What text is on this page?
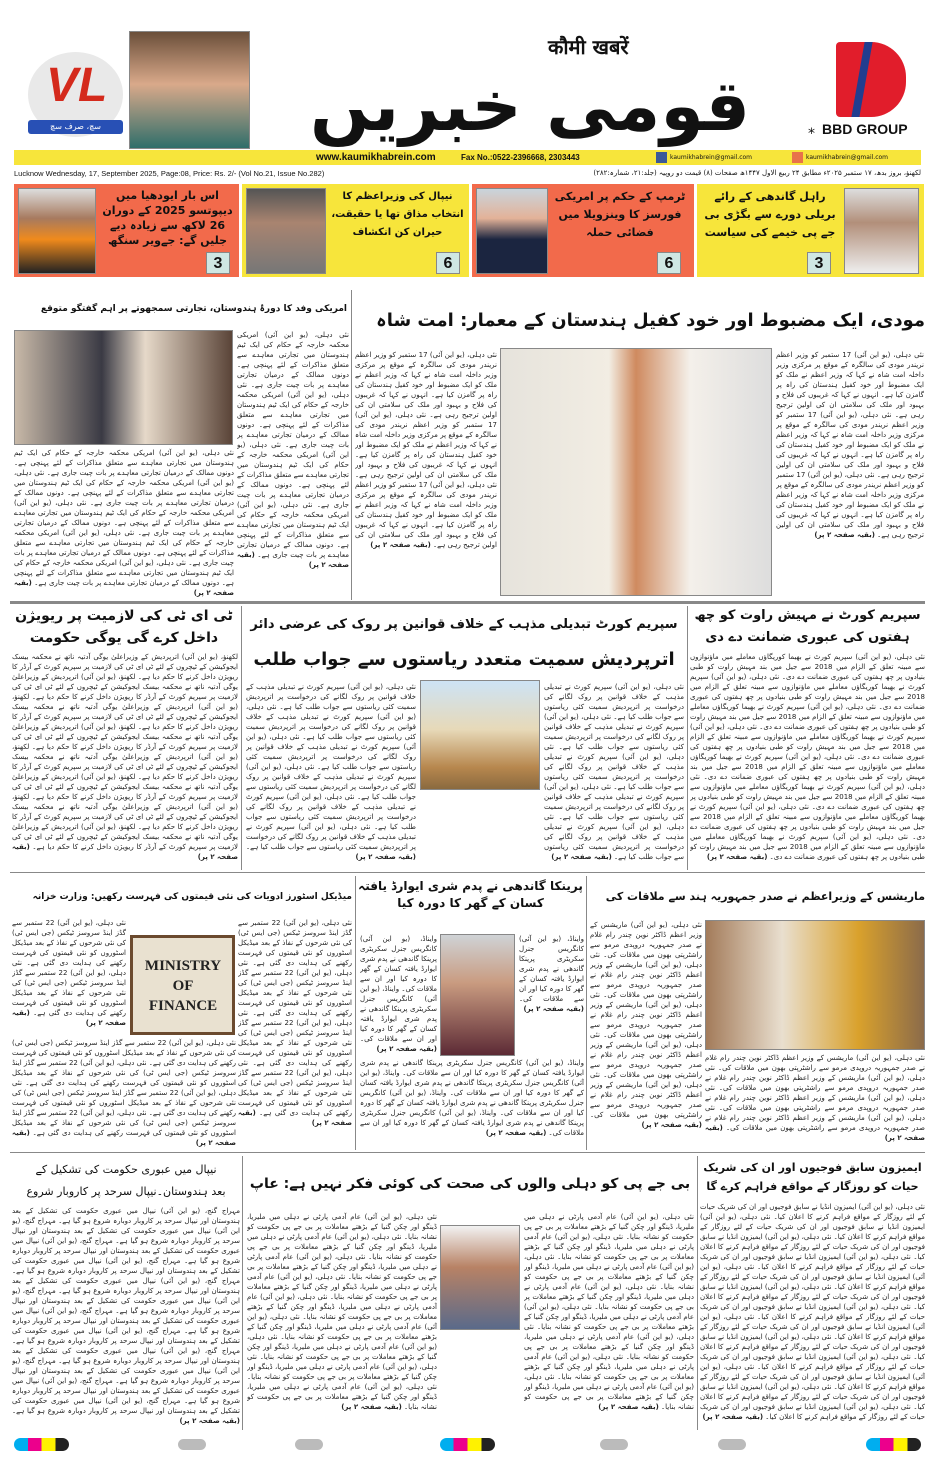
VL
سچ، صرف سچ
कौमी खबरें
قومی خبریں	* BBD GROUP
www.kaumikhabrein.com	Fax No.:0522-2396668, 2303443	kaumikhabrein@gmail.com	kaumikhabrein@gmail.com
Lucknow Wednesday, 17, September 2025, Page:08, Price: Rs. 2/- (Vol No.21, Issue No.282)	لکھنؤ، بروز بدھ، ۱۷ ستمبر ۲۰۲۵ء مطابق ۲۴ ربیع الاول ۱۴۴۷ھ صفحات (۸) قیمت دو روپیہ (جلد:۲۱، شمارہ:۲۸۲)
راہل گاندھی کے رائے بریلی دورے سے بگڑی بی جے پی خیمے کی سیاست
3
ٹرمپ کے حکم پر امریکی فورسز کا وینزویلا میں فضائی حملہ
6
نیپال کی وزیراعظم کا انتخاب مذاق تھا یا حقیقت، حیران کن انکشاف
6
اس بار ایودھیا میں دیپوتسو 2025 کے دوران 26 لاکھ سے زیادہ دیے جلیں گے: جےویر سنگھ
3
مودی، ایک مضبوط اور خود کفیل ہندستان کے معمار: امت شاہ
نئی دہلی، (یو این آئی) 17 ستمبر کو وزیر اعظم نریندر مودی کی سالگرہ کے موقع پر مرکزی وزیر داخلہ امت شاہ نے کہا کہ وزیر اعظم نے ملک کو ایک مضبوط اور خود کفیل ہندستان کی راہ پر گامزن کیا ہے۔ انہوں نے کہا کہ غریبوں کی فلاح و بہبود اور ملک کی سلامتی ان کی اولین ترجیح رہی ہے۔ نئی دہلی، (یو این آئی) 17 ستمبر کو وزیر اعظم نریندر مودی کی سالگرہ کے موقع پر مرکزی وزیر داخلہ امت شاہ نے کہا کہ وزیر اعظم نے ملک کو ایک مضبوط اور خود کفیل ہندستان کی راہ پر گامزن کیا ہے۔ انہوں نے کہا کہ غریبوں کی فلاح و بہبود اور ملک کی سلامتی ان کی اولین ترجیح رہی ہے۔ نئی دہلی، (یو این آئی) 17 ستمبر کو وزیر اعظم نریندر مودی کی سالگرہ کے موقع پر مرکزی وزیر داخلہ امت شاہ نے کہا کہ وزیر اعظم نے ملک کو ایک مضبوط اور خود کفیل ہندستان کی راہ پر گامزن کیا ہے۔ انہوں نے کہا کہ غریبوں کی فلاح و بہبود اور ملک کی سلامتی ان کی اولین ترجیح رہی ہے۔ (بقیہ صفحہ ۲ پر)
نئی دہلی، (یو این آئی) 17 ستمبر کو وزیر اعظم نریندر مودی کی سالگرہ کے موقع پر مرکزی وزیر داخلہ امت شاہ نے کہا کہ وزیر اعظم نے ملک کو ایک مضبوط اور خود کفیل ہندستان کی راہ پر گامزن کیا ہے۔ انہوں نے کہا کہ غریبوں کی فلاح و بہبود اور ملک کی سلامتی ان کی اولین ترجیح رہی ہے۔ نئی دہلی، (یو این آئی) 17 ستمبر کو وزیر اعظم نریندر مودی کی سالگرہ کے موقع پر مرکزی وزیر داخلہ امت شاہ نے کہا کہ وزیر اعظم نے ملک کو ایک مضبوط اور خود کفیل ہندستان کی راہ پر گامزن کیا ہے۔ انہوں نے کہا کہ غریبوں کی فلاح و بہبود اور ملک کی سلامتی ان کی اولین ترجیح رہی ہے۔ نئی دہلی، (یو این آئی) 17 ستمبر کو وزیر اعظم نریندر مودی کی سالگرہ کے موقع پر مرکزی وزیر داخلہ امت شاہ نے کہا کہ وزیر اعظم نے ملک کو ایک مضبوط اور خود کفیل ہندستان کی راہ پر گامزن کیا ہے۔ انہوں نے کہا کہ غریبوں کی فلاح و بہبود اور ملک کی سلامتی ان کی اولین ترجیح رہی ہے۔ (بقیہ صفحہ ۲ پر)
امریکی وفد کا دورۂ ہندوستان، تجارتی سمجھوتے پر اہم گفتگو متوقع
نئی دہلی، (یو این آئی) امریکی محکمہ خارجہ کے حکام کی ایک ٹیم ہندوستان میں تجارتی معاہدے سے متعلق مذاکرات کے لئے پہنچی ہے۔ دونوں ممالک کے درمیان تجارتی معاہدے پر بات چیت جاری ہے۔ نئی دہلی، (یو این آئی) امریکی محکمہ خارجہ کے حکام کی ایک ٹیم ہندوستان میں تجارتی معاہدے سے متعلق مذاکرات کے لئے پہنچی ہے۔ دونوں ممالک کے درمیان تجارتی معاہدے پر بات چیت جاری ہے۔ نئی دہلی، (یو این آئی) امریکی محکمہ خارجہ کے حکام کی ایک ٹیم ہندوستان میں تجارتی معاہدے سے متعلق مذاکرات کے لئے پہنچی ہے۔ دونوں ممالک کے درمیان تجارتی معاہدے پر بات چیت جاری ہے۔ نئی دہلی، (یو این آئی) امریکی محکمہ خارجہ کے حکام کی ایک ٹیم ہندوستان میں تجارتی معاہدے سے متعلق مذاکرات کے لئے پہنچی ہے۔ دونوں ممالک کے درمیان تجارتی معاہدے پر بات چیت جاری ہے۔ (بقیہ صفحہ ۲ پر)
نئی دہلی، (یو این آئی) امریکی محکمہ خارجہ کے حکام کی ایک ٹیم ہندوستان میں تجارتی معاہدے سے متعلق مذاکرات کے لئے پہنچی ہے۔ دونوں ممالک کے درمیان تجارتی معاہدے پر بات چیت جاری ہے۔ نئی دہلی، (یو این آئی) امریکی محکمہ خارجہ کے حکام کی ایک ٹیم ہندوستان میں تجارتی معاہدے سے متعلق مذاکرات کے لئے پہنچی ہے۔ دونوں ممالک کے درمیان تجارتی معاہدے پر بات چیت جاری ہے۔ نئی دہلی، (یو این آئی) امریکی محکمہ خارجہ کے حکام کی ایک ٹیم ہندوستان میں تجارتی معاہدے سے متعلق مذاکرات کے لئے پہنچی ہے۔ دونوں ممالک کے درمیان تجارتی معاہدے پر بات چیت جاری ہے۔ نئی دہلی، (یو این آئی) امریکی محکمہ خارجہ کے حکام کی ایک ٹیم ہندوستان میں تجارتی معاہدے سے متعلق مذاکرات کے لئے پہنچی ہے۔ دونوں ممالک کے درمیان تجارتی معاہدے پر بات چیت جاری ہے۔ نئی دہلی، (یو این آئی) امریکی محکمہ خارجہ کے حکام کی ایک ٹیم ہندوستان میں تجارتی معاہدے سے متعلق مذاکرات کے لئے پہنچی ہے۔ دونوں ممالک کے درمیان تجارتی معاہدے پر بات چیت جاری ہے۔ (بقیہ صفحہ ۲ پر)
سپریم کورٹ نے مہیش راوت کو چھ ہفتوں کی عبوری ضمانت دے دی
نئی دہلی، (یو این آئی) سپریم کورٹ نے بھیما کوریگاؤں معاملے میں ماؤنوازوں سے مبینہ تعلق کے الزام میں 2018 سے جیل میں بند مہیش راوت کو طبی بنیادوں پر چھ ہفتوں کی عبوری ضمانت دے دی۔ نئی دہلی، (یو این آئی) سپریم کورٹ نے بھیما کوریگاؤں معاملے میں ماؤنوازوں سے مبینہ تعلق کے الزام میں 2018 سے جیل میں بند مہیش راوت کو طبی بنیادوں پر چھ ہفتوں کی عبوری ضمانت دے دی۔ نئی دہلی، (یو این آئی) سپریم کورٹ نے بھیما کوریگاؤں معاملے میں ماؤنوازوں سے مبینہ تعلق کے الزام میں 2018 سے جیل میں بند مہیش راوت کو طبی بنیادوں پر چھ ہفتوں کی عبوری ضمانت دے دی۔ نئی دہلی، (یو این آئی) سپریم کورٹ نے بھیما کوریگاؤں معاملے میں ماؤنوازوں سے مبینہ تعلق کے الزام میں 2018 سے جیل میں بند مہیش راوت کو طبی بنیادوں پر چھ ہفتوں کی عبوری ضمانت دے دی۔ نئی دہلی، (یو این آئی) سپریم کورٹ نے بھیما کوریگاؤں معاملے میں ماؤنوازوں سے مبینہ تعلق کے الزام میں 2018 سے جیل میں بند مہیش راوت کو طبی بنیادوں پر چھ ہفتوں کی عبوری ضمانت دے دی۔ نئی دہلی، (یو این آئی) سپریم کورٹ نے بھیما کوریگاؤں معاملے میں ماؤنوازوں سے مبینہ تعلق کے الزام میں 2018 سے جیل میں بند مہیش راوت کو طبی بنیادوں پر چھ ہفتوں کی عبوری ضمانت دے دی۔ نئی دہلی، (یو این آئی) سپریم کورٹ نے بھیما کوریگاؤں معاملے میں ماؤنوازوں سے مبینہ تعلق کے الزام میں 2018 سے جیل میں بند مہیش راوت کو طبی بنیادوں پر چھ ہفتوں کی عبوری ضمانت دے دی۔ نئی دہلی، (یو این آئی) سپریم کورٹ نے بھیما کوریگاؤں معاملے میں ماؤنوازوں سے مبینہ تعلق کے الزام میں 2018 سے جیل میں بند مہیش راوت کو طبی بنیادوں پر چھ ہفتوں کی عبوری ضمانت دے دی۔ (بقیہ صفحہ ۲ پر)
سپریم کورٹ تبدیلی مذہب کے خلاف قوانین پر روک کی عرضی دائر
اترپردیش سمیت متعدد ریاستوں سے جواب طلب
نئی دہلی، (یو این آئی) سپریم کورٹ نے تبدیلی مذہب کے خلاف قوانین پر روک لگانے کی درخواست پر اترپردیش سمیت کئی ریاستوں سے جواب طلب کیا ہے۔ نئی دہلی، (یو این آئی) سپریم کورٹ نے تبدیلی مذہب کے خلاف قوانین پر روک لگانے کی درخواست پر اترپردیش سمیت کئی ریاستوں سے جواب طلب کیا ہے۔ نئی دہلی، (یو این آئی) سپریم کورٹ نے تبدیلی مذہب کے خلاف قوانین پر روک لگانے کی درخواست پر اترپردیش سمیت کئی ریاستوں سے جواب طلب کیا ہے۔ نئی دہلی، (یو این آئی) سپریم کورٹ نے تبدیلی مذہب کے خلاف قوانین پر روک لگانے کی درخواست پر اترپردیش سمیت کئی ریاستوں سے جواب طلب کیا ہے۔ نئی دہلی، (یو این آئی) سپریم کورٹ نے تبدیلی مذہب کے خلاف قوانین پر روک لگانے کی درخواست پر اترپردیش سمیت کئی ریاستوں سے جواب طلب کیا ہے۔ (بقیہ صفحہ ۲ پر)
نئی دہلی، (یو این آئی) سپریم کورٹ نے تبدیلی مذہب کے خلاف قوانین پر روک لگانے کی درخواست پر اترپردیش سمیت کئی ریاستوں سے جواب طلب کیا ہے۔ نئی دہلی، (یو این آئی) سپریم کورٹ نے تبدیلی مذہب کے خلاف قوانین پر روک لگانے کی درخواست پر اترپردیش سمیت کئی ریاستوں سے جواب طلب کیا ہے۔ نئی دہلی، (یو این آئی) سپریم کورٹ نے تبدیلی مذہب کے خلاف قوانین پر روک لگانے کی درخواست پر اترپردیش سمیت کئی ریاستوں سے جواب طلب کیا ہے۔ نئی دہلی، (یو این آئی) سپریم کورٹ نے تبدیلی مذہب کے خلاف قوانین پر روک لگانے کی درخواست پر اترپردیش سمیت کئی ریاستوں سے جواب طلب کیا ہے۔ نئی دہلی، (یو این آئی) سپریم کورٹ نے تبدیلی مذہب کے خلاف قوانین پر روک لگانے کی درخواست پر اترپردیش سمیت کئی ریاستوں سے جواب طلب کیا ہے۔ نئی دہلی، (یو این آئی) سپریم کورٹ نے تبدیلی مذہب کے خلاف قوانین پر روک لگانے کی درخواست پر اترپردیش سمیت کئی ریاستوں سے جواب طلب کیا ہے۔ (بقیہ صفحہ ۲ پر)
ٹی ای ٹی کی لازمیت پر ریویژن داخل کرے گی یوگی حکومت
لکھنؤ، (یو این آئی) اترپردیش کے وزیراعلیٰ یوگی آدتیہ ناتھ نے محکمہ بیسک ایجوکیشن کے ٹیچروں کے لئے ٹی ای ٹی کی لازمیت پر سپریم کورٹ کے آرڈر کا ریویژن داخل کرنے کا حکم دیا ہے۔ لکھنؤ، (یو این آئی) اترپردیش کے وزیراعلیٰ یوگی آدتیہ ناتھ نے محکمہ بیسک ایجوکیشن کے ٹیچروں کے لئے ٹی ای ٹی کی لازمیت پر سپریم کورٹ کے آرڈر کا ریویژن داخل کرنے کا حکم دیا ہے۔ لکھنؤ، (یو این آئی) اترپردیش کے وزیراعلیٰ یوگی آدتیہ ناتھ نے محکمہ بیسک ایجوکیشن کے ٹیچروں کے لئے ٹی ای ٹی کی لازمیت پر سپریم کورٹ کے آرڈر کا ریویژن داخل کرنے کا حکم دیا ہے۔ لکھنؤ، (یو این آئی) اترپردیش کے وزیراعلیٰ یوگی آدتیہ ناتھ نے محکمہ بیسک ایجوکیشن کے ٹیچروں کے لئے ٹی ای ٹی کی لازمیت پر سپریم کورٹ کے آرڈر کا ریویژن داخل کرنے کا حکم دیا ہے۔ لکھنؤ، (یو این آئی) اترپردیش کے وزیراعلیٰ یوگی آدتیہ ناتھ نے محکمہ بیسک ایجوکیشن کے ٹیچروں کے لئے ٹی ای ٹی کی لازمیت پر سپریم کورٹ کے آرڈر کا ریویژن داخل کرنے کا حکم دیا ہے۔ لکھنؤ، (یو این آئی) اترپردیش کے وزیراعلیٰ یوگی آدتیہ ناتھ نے محکمہ بیسک ایجوکیشن کے ٹیچروں کے لئے ٹی ای ٹی کی لازمیت پر سپریم کورٹ کے آرڈر کا ریویژن داخل کرنے کا حکم دیا ہے۔ لکھنؤ، (یو این آئی) اترپردیش کے وزیراعلیٰ یوگی آدتیہ ناتھ نے محکمہ بیسک ایجوکیشن کے ٹیچروں کے لئے ٹی ای ٹی کی لازمیت پر سپریم کورٹ کے آرڈر کا ریویژن داخل کرنے کا حکم دیا ہے۔ لکھنؤ، (یو این آئی) اترپردیش کے وزیراعلیٰ یوگی آدتیہ ناتھ نے محکمہ بیسک ایجوکیشن کے ٹیچروں کے لئے ٹی ای ٹی کی لازمیت پر سپریم کورٹ کے آرڈر کا ریویژن داخل کرنے کا حکم دیا ہے۔ (بقیہ صفحہ ۲ پر)
ماریشس کے وزیراعظم نے صدر جمہوریہ ہند سے ملاقات کی
نئی دہلی، (یو این آئی) ماریشس کے وزیر اعظم ڈاکٹر نوین چندر رام غلام نے صدر جمہوریہ دروپدی مرمو سے راشٹرپتی بھون میں ملاقات کی۔ نئی دہلی، (یو این آئی) ماریشس کے وزیر اعظم ڈاکٹر نوین چندر رام غلام نے صدر جمہوریہ دروپدی مرمو سے راشٹرپتی بھون میں ملاقات کی۔ نئی دہلی، (یو این آئی) ماریشس کے وزیر اعظم ڈاکٹر نوین چندر رام غلام نے صدر جمہوریہ دروپدی مرمو سے راشٹرپتی بھون میں ملاقات کی۔ نئی دہلی، (یو این آئی) ماریشس کے وزیر اعظم ڈاکٹر نوین چندر رام غلام نے صدر جمہوریہ دروپدی مرمو سے راشٹرپتی بھون میں ملاقات کی۔ نئی دہلی، (یو این آئی) ماریشس کے وزیر اعظم ڈاکٹر نوین چندر رام غلام نے صدر جمہوریہ دروپدی مرمو سے راشٹرپتی بھون میں ملاقات کی۔ (بقیہ صفحہ ۲ پر)
نئی دہلی، (یو این آئی) ماریشس کے وزیر اعظم ڈاکٹر نوین چندر رام غلام نے صدر جمہوریہ دروپدی مرمو سے راشٹرپتی بھون میں ملاقات کی۔ نئی دہلی، (یو این آئی) ماریشس کے وزیر اعظم ڈاکٹر نوین چندر رام غلام نے صدر جمہوریہ دروپدی مرمو سے راشٹرپتی بھون میں ملاقات کی۔ نئی دہلی، (یو این آئی) ماریشس کے وزیر اعظم ڈاکٹر نوین چندر رام غلام نے صدر جمہوریہ دروپدی مرمو سے راشٹرپتی بھون میں ملاقات کی۔ نئی دہلی، (یو این آئی) ماریشس کے وزیر اعظم ڈاکٹر نوین چندر رام غلام نے صدر جمہوریہ دروپدی مرمو سے راشٹرپتی بھون میں ملاقات کی۔ (بقیہ صفحہ ۲ پر)
پرینکا گاندھی نے پدم شری ایوارڈ یافتہ کسان کے گھر کا دورہ کیا
وایناڈ، (یو این آئی) کانگریس جنرل سکریٹری پرینکا گاندھی نے پدم شری ایوارڈ یافتہ کسان کے گھر کا دورہ کیا اور ان سے ملاقات کی۔ (بقیہ صفحہ ۲ پر)
وایناڈ، (یو این آئی) کانگریس جنرل سکریٹری پرینکا گاندھی نے پدم شری ایوارڈ یافتہ کسان کے گھر کا دورہ کیا اور ان سے ملاقات کی۔ وایناڈ، (یو این آئی) کانگریس جنرل سکریٹری پرینکا گاندھی نے پدم شری ایوارڈ یافتہ کسان کے گھر کا دورہ کیا اور ان سے ملاقات کی۔ (بقیہ صفحہ ۲ پر)
وایناڈ، (یو این آئی) کانگریس جنرل سکریٹری پرینکا گاندھی نے پدم شری ایوارڈ یافتہ کسان کے گھر کا دورہ کیا اور ان سے ملاقات کی۔ وایناڈ، (یو این آئی) کانگریس جنرل سکریٹری پرینکا گاندھی نے پدم شری ایوارڈ یافتہ کسان کے گھر کا دورہ کیا اور ان سے ملاقات کی۔ وایناڈ، (یو این آئی) کانگریس جنرل سکریٹری پرینکا گاندھی نے پدم شری ایوارڈ یافتہ کسان کے گھر کا دورہ کیا اور ان سے ملاقات کی۔ وایناڈ، (یو این آئی) کانگریس جنرل سکریٹری پرینکا گاندھی نے پدم شری ایوارڈ یافتہ کسان کے گھر کا دورہ کیا اور ان سے ملاقات کی۔ (بقیہ صفحہ ۲ پر)
میڈیکل اسٹورز ادویات کی نئی قیمتوں کی فہرست رکھیں: وزارت خزانہ
MINISTRY OF FINANCE
نئی دہلی، (یو این آئی) 22 ستمبر سے گڈز اینڈ سروسز ٹیکس (جی ایس ٹی) کی نئی شرحوں کے نفاذ کے بعد میڈیکل اسٹوروں کو نئی قیمتوں کی فہرست رکھنے کی ہدایت دی گئی ہے۔ نئی دہلی، (یو این آئی) 22 ستمبر سے گڈز اینڈ سروسز ٹیکس (جی ایس ٹی) کی نئی شرحوں کے نفاذ کے بعد میڈیکل اسٹوروں کو نئی قیمتوں کی فہرست رکھنے کی ہدایت دی گئی ہے۔ نئی دہلی، (یو این آئی) 22 ستمبر سے گڈز اینڈ سروسز ٹیکس (جی ایس ٹی) کی نئی شرحوں کے نفاذ کے بعد میڈیکل اسٹوروں کو نئی قیمتوں کی فہرست رکھنے کی ہدایت دی گئی ہے۔ نئی دہلی، (یو این آئی) 22 ستمبر سے گڈز اینڈ سروسز ٹیکس (جی ایس ٹی) کی نئی شرحوں کے نفاذ کے بعد میڈیکل اسٹوروں کو نئی قیمتوں کی فہرست رکھنے کی ہدایت دی گئی ہے۔ (بقیہ صفحہ ۲ پر)
نئی دہلی، (یو این آئی) 22 ستمبر سے گڈز اینڈ سروسز ٹیکس (جی ایس ٹی) کی نئی شرحوں کے نفاذ کے بعد میڈیکل اسٹوروں کو نئی قیمتوں کی فہرست رکھنے کی ہدایت دی گئی ہے۔ نئی دہلی، (یو این آئی) 22 ستمبر سے گڈز اینڈ سروسز ٹیکس (جی ایس ٹی) کی نئی شرحوں کے نفاذ کے بعد میڈیکل اسٹوروں کو نئی قیمتوں کی فہرست رکھنے کی ہدایت دی گئی ہے۔ (بقیہ صفحہ ۲ پر)
نئی دہلی، (یو این آئی) 22 ستمبر سے گڈز اینڈ سروسز ٹیکس (جی ایس ٹی) کی نئی شرحوں کے نفاذ کے بعد میڈیکل اسٹوروں کو نئی قیمتوں کی فہرست رکھنے کی ہدایت دی گئی ہے۔ نئی دہلی، (یو این آئی) 22 ستمبر سے گڈز اینڈ سروسز ٹیکس (جی ایس ٹی) کی نئی شرحوں کے نفاذ کے بعد میڈیکل اسٹوروں کو نئی قیمتوں کی فہرست رکھنے کی ہدایت دی گئی ہے۔ نئی دہلی، (یو این آئی) 22 ستمبر سے گڈز اینڈ سروسز ٹیکس (جی ایس ٹی) کی نئی شرحوں کے نفاذ کے بعد میڈیکل اسٹوروں کو نئی قیمتوں کی فہرست رکھنے کی ہدایت دی گئی ہے۔ نئی دہلی، (یو این آئی) 22 ستمبر سے گڈز اینڈ سروسز ٹیکس (جی ایس ٹی) کی نئی شرحوں کے نفاذ کے بعد میڈیکل اسٹوروں کو نئی قیمتوں کی فہرست رکھنے کی ہدایت دی گئی ہے۔ (بقیہ صفحہ ۲ پر)
ایمیزون سابق فوجیوں اور ان کی شریک حیات کو روزگار کے مواقع فراہم کرے گا
نئی دہلی، (یو این آئی) ایمیزون انڈیا نے سابق فوجیوں اور ان کی شریک حیات کے لئے روزگار کے مواقع فراہم کرنے کا اعلان کیا۔ نئی دہلی، (یو این آئی) ایمیزون انڈیا نے سابق فوجیوں اور ان کی شریک حیات کے لئے روزگار کے مواقع فراہم کرنے کا اعلان کیا۔ نئی دہلی، (یو این آئی) ایمیزون انڈیا نے سابق فوجیوں اور ان کی شریک حیات کے لئے روزگار کے مواقع فراہم کرنے کا اعلان کیا۔ نئی دہلی، (یو این آئی) ایمیزون انڈیا نے سابق فوجیوں اور ان کی شریک حیات کے لئے روزگار کے مواقع فراہم کرنے کا اعلان کیا۔ نئی دہلی، (یو این آئی) ایمیزون انڈیا نے سابق فوجیوں اور ان کی شریک حیات کے لئے روزگار کے مواقع فراہم کرنے کا اعلان کیا۔ نئی دہلی، (یو این آئی) ایمیزون انڈیا نے سابق فوجیوں اور ان کی شریک حیات کے لئے روزگار کے مواقع فراہم کرنے کا اعلان کیا۔ نئی دہلی، (یو این آئی) ایمیزون انڈیا نے سابق فوجیوں اور ان کی شریک حیات کے لئے روزگار کے مواقع فراہم کرنے کا اعلان کیا۔ نئی دہلی، (یو این آئی) ایمیزون انڈیا نے سابق فوجیوں اور ان کی شریک حیات کے لئے روزگار کے مواقع فراہم کرنے کا اعلان کیا۔ نئی دہلی، (یو این آئی) ایمیزون انڈیا نے سابق فوجیوں اور ان کی شریک حیات کے لئے روزگار کے مواقع فراہم کرنے کا اعلان کیا۔ نئی دہلی، (یو این آئی) ایمیزون انڈیا نے سابق فوجیوں اور ان کی شریک حیات کے لئے روزگار کے مواقع فراہم کرنے کا اعلان کیا۔ نئی دہلی، (یو این آئی) ایمیزون انڈیا نے سابق فوجیوں اور ان کی شریک حیات کے لئے روزگار کے مواقع فراہم کرنے کا اعلان کیا۔ نئی دہلی، (یو این آئی) ایمیزون انڈیا نے سابق فوجیوں اور ان کی شریک حیات کے لئے روزگار کے مواقع فراہم کرنے کا اعلان کیا۔ نئی دہلی، (یو این آئی) ایمیزون انڈیا نے سابق فوجیوں اور ان کی شریک حیات کے لئے روزگار کے مواقع فراہم کرنے کا اعلان کیا۔ (بقیہ صفحہ ۲ پر)
بی جے پی کو دہلی والوں کی صحت کی کوئی فکر نہیں ہے: عاپ
نئی دہلی، (یو این آئی) عام آدمی پارٹی نے دہلی میں ملیریا، ڈینگو اور چکن گنیا کے بڑھتے معاملات پر بی جے پی حکومت کو نشانہ بنایا۔ نئی دہلی، (یو این آئی) عام آدمی پارٹی نے دہلی میں ملیریا، ڈینگو اور چکن گنیا کے بڑھتے معاملات پر بی جے پی حکومت کو نشانہ بنایا۔ نئی دہلی، (یو این آئی) عام آدمی پارٹی نے دہلی میں ملیریا، ڈینگو اور چکن گنیا کے بڑھتے معاملات پر بی جے پی حکومت کو نشانہ بنایا۔ نئی دہلی، (یو این آئی) عام آدمی پارٹی نے دہلی میں ملیریا، ڈینگو اور چکن گنیا کے بڑھتے معاملات پر بی جے پی حکومت کو نشانہ بنایا۔ نئی دہلی، (یو این آئی) عام آدمی پارٹی نے دہلی میں ملیریا، ڈینگو اور چکن گنیا کے بڑھتے معاملات پر بی جے پی حکومت کو نشانہ بنایا۔ نئی دہلی، (یو این آئی) عام آدمی پارٹی نے دہلی میں ملیریا، ڈینگو اور چکن گنیا کے بڑھتے معاملات پر بی جے پی حکومت کو نشانہ بنایا۔ نئی دہلی، (یو این آئی) عام آدمی پارٹی نے دہلی میں ملیریا، ڈینگو اور چکن گنیا کے بڑھتے معاملات پر بی جے پی حکومت کو نشانہ بنایا۔ نئی دہلی، (یو این آئی) عام آدمی پارٹی نے دہلی میں ملیریا، ڈینگو اور چکن گنیا کے بڑھتے معاملات پر بی جے پی حکومت کو نشانہ بنایا۔ (بقیہ صفحہ ۲ پر)
نئی دہلی، (یو این آئی) عام آدمی پارٹی نے دہلی میں ملیریا، ڈینگو اور چکن گنیا کے بڑھتے معاملات پر بی جے پی حکومت کو نشانہ بنایا۔ نئی دہلی، (یو این آئی) عام آدمی پارٹی نے دہلی میں ملیریا، ڈینگو اور چکن گنیا کے بڑھتے معاملات پر بی جے پی حکومت کو نشانہ بنایا۔ نئی دہلی، (یو این آئی) عام آدمی پارٹی نے دہلی میں ملیریا، ڈینگو اور چکن گنیا کے بڑھتے معاملات پر بی جے پی حکومت کو نشانہ بنایا۔ نئی دہلی، (یو این آئی) عام آدمی پارٹی نے دہلی میں ملیریا، ڈینگو اور چکن گنیا کے بڑھتے معاملات پر بی جے پی حکومت کو نشانہ بنایا۔ نئی دہلی، (یو این آئی) عام آدمی پارٹی نے دہلی میں ملیریا، ڈینگو اور چکن گنیا کے بڑھتے معاملات پر بی جے پی حکومت کو نشانہ بنایا۔ نئی دہلی، (یو این آئی) عام آدمی پارٹی نے دہلی میں ملیریا، ڈینگو اور چکن گنیا کے بڑھتے معاملات پر بی جے پی حکومت کو نشانہ بنایا۔ نئی دہلی، (یو این آئی) عام آدمی پارٹی نے دہلی میں ملیریا، ڈینگو اور چکن گنیا کے بڑھتے معاملات پر بی جے پی حکومت کو نشانہ بنایا۔ نئی دہلی، (یو این آئی) عام آدمی پارٹی نے دہلی میں ملیریا، ڈینگو اور چکن گنیا کے بڑھتے معاملات پر بی جے پی حکومت کو نشانہ بنایا۔ نئی دہلی، (یو این آئی) عام آدمی پارٹی نے دہلی میں ملیریا، ڈینگو اور چکن گنیا کے بڑھتے معاملات پر بی جے پی حکومت کو نشانہ بنایا۔ (بقیہ صفحہ ۲ پر)
نیپال میں عبوری حکومت کی تشکیل کے
بعد ہندوستان۔نیپال سرحد پر کاروبار شروع
مہراج گنج، (یو این آئی) نیپال میں عبوری حکومت کی تشکیل کے بعد ہندوستان اور نیپال سرحد پر کاروبار دوبارہ شروع ہو گیا ہے۔ مہراج گنج، (یو این آئی) نیپال میں عبوری حکومت کی تشکیل کے بعد ہندوستان اور نیپال سرحد پر کاروبار دوبارہ شروع ہو گیا ہے۔ مہراج گنج، (یو این آئی) نیپال میں عبوری حکومت کی تشکیل کے بعد ہندوستان اور نیپال سرحد پر کاروبار دوبارہ شروع ہو گیا ہے۔ مہراج گنج، (یو این آئی) نیپال میں عبوری حکومت کی تشکیل کے بعد ہندوستان اور نیپال سرحد پر کاروبار دوبارہ شروع ہو گیا ہے۔ مہراج گنج، (یو این آئی) نیپال میں عبوری حکومت کی تشکیل کے بعد ہندوستان اور نیپال سرحد پر کاروبار دوبارہ شروع ہو گیا ہے۔ مہراج گنج، (یو این آئی) نیپال میں عبوری حکومت کی تشکیل کے بعد ہندوستان اور نیپال سرحد پر کاروبار دوبارہ شروع ہو گیا ہے۔ مہراج گنج، (یو این آئی) نیپال میں عبوری حکومت کی تشکیل کے بعد ہندوستان اور نیپال سرحد پر کاروبار دوبارہ شروع ہو گیا ہے۔ مہراج گنج، (یو این آئی) نیپال میں عبوری حکومت کی تشکیل کے بعد ہندوستان اور نیپال سرحد پر کاروبار دوبارہ شروع ہو گیا ہے۔ مہراج گنج، (یو این آئی) نیپال میں عبوری حکومت کی تشکیل کے بعد ہندوستان اور نیپال سرحد پر کاروبار دوبارہ شروع ہو گیا ہے۔ مہراج گنج، (یو این آئی) نیپال میں عبوری حکومت کی تشکیل کے بعد ہندوستان اور نیپال سرحد پر کاروبار دوبارہ شروع ہو گیا ہے۔ مہراج گنج، (یو این آئی) نیپال میں عبوری حکومت کی تشکیل کے بعد ہندوستان اور نیپال سرحد پر کاروبار دوبارہ شروع ہو گیا ہے۔ مہراج گنج، (یو این آئی) نیپال میں عبوری حکومت کی تشکیل کے بعد ہندوستان اور نیپال سرحد پر کاروبار دوبارہ شروع ہو گیا ہے۔ (بقیہ صفحہ ۲ پر)
